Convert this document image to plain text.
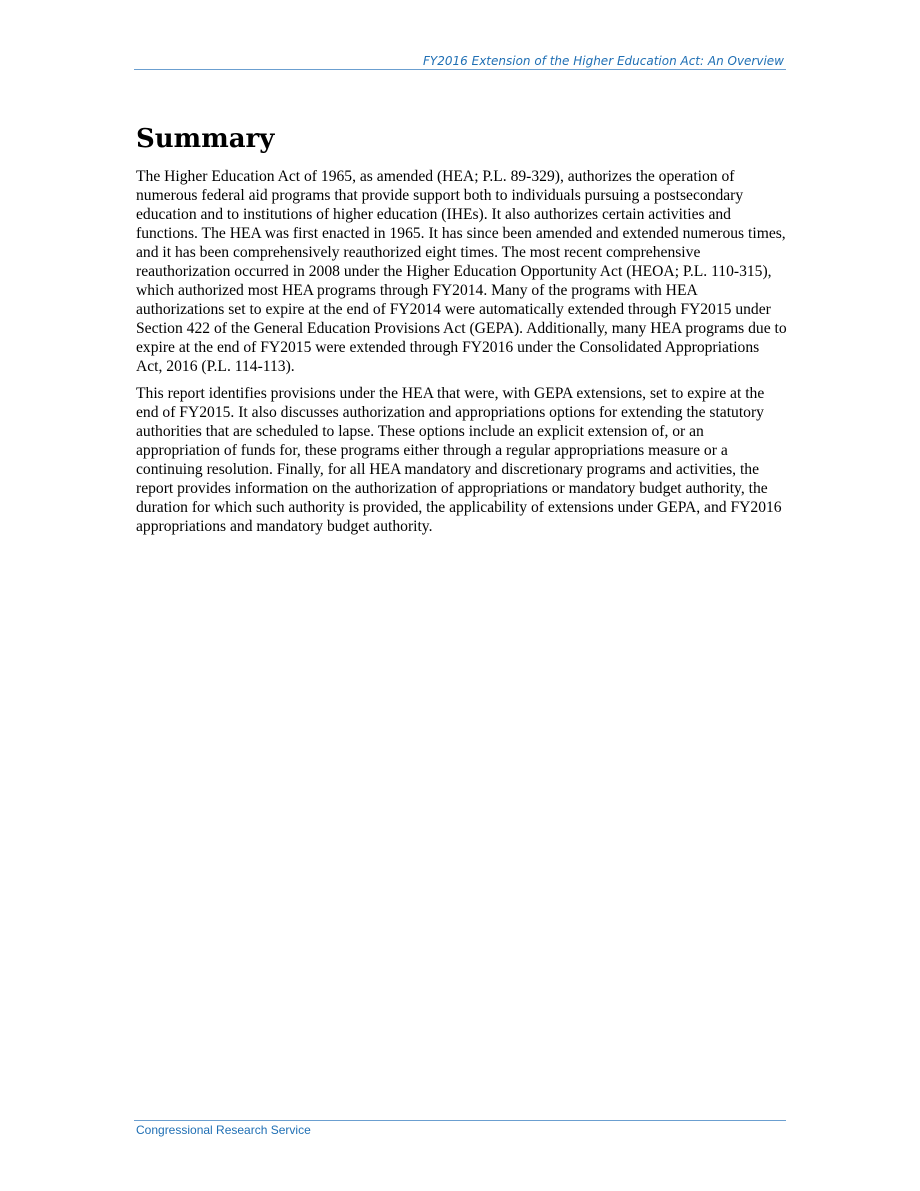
FY2016 Extension of the Higher Education Act: An Overview
Summary

The Higher Education Act of 1965, as amended (HEA; P.L. 89-329), authorizes the operation of numerous federal aid programs that provide support both to individuals pursuing a postsecondary education and to institutions of higher education (IHEs). It also authorizes certain activities and functions. The HEA was first enacted in 1965. It has since been amended and extended numerous times, and it has been comprehensively reauthorized eight times. The most recent comprehensive reauthorization occurred in 2008 under the Higher Education Opportunity Act (HEOA; P.L. 110-315), which authorized most HEA programs through FY2014. Many of the programs with HEA authorizations set to expire at the end of FY2014 were automatically extended through FY2015 under Section 422 of the General Education Provisions Act (GEPA). Additionally, many HEA programs due to expire at the end of FY2015 were extended through FY2016 under the Consolidated Appropriations Act, 2016 (P.L. 114-113).

This report identifies provisions under the HEA that were, with GEPA extensions, set to expire at the end of FY2015. It also discusses authorization and appropriations options for extending the statutory authorities that are scheduled to lapse. These options include an explicit extension of, or an appropriation of funds for, these programs either through a regular appropriations measure or a continuing resolution. Finally, for all HEA mandatory and discretionary programs and activities, the report provides information on the authorization of appropriations or mandatory budget authority, the duration for which such authority is provided, the applicability of extensions under GEPA, and FY2016 appropriations and mandatory budget authority.

Congressional Research Service
